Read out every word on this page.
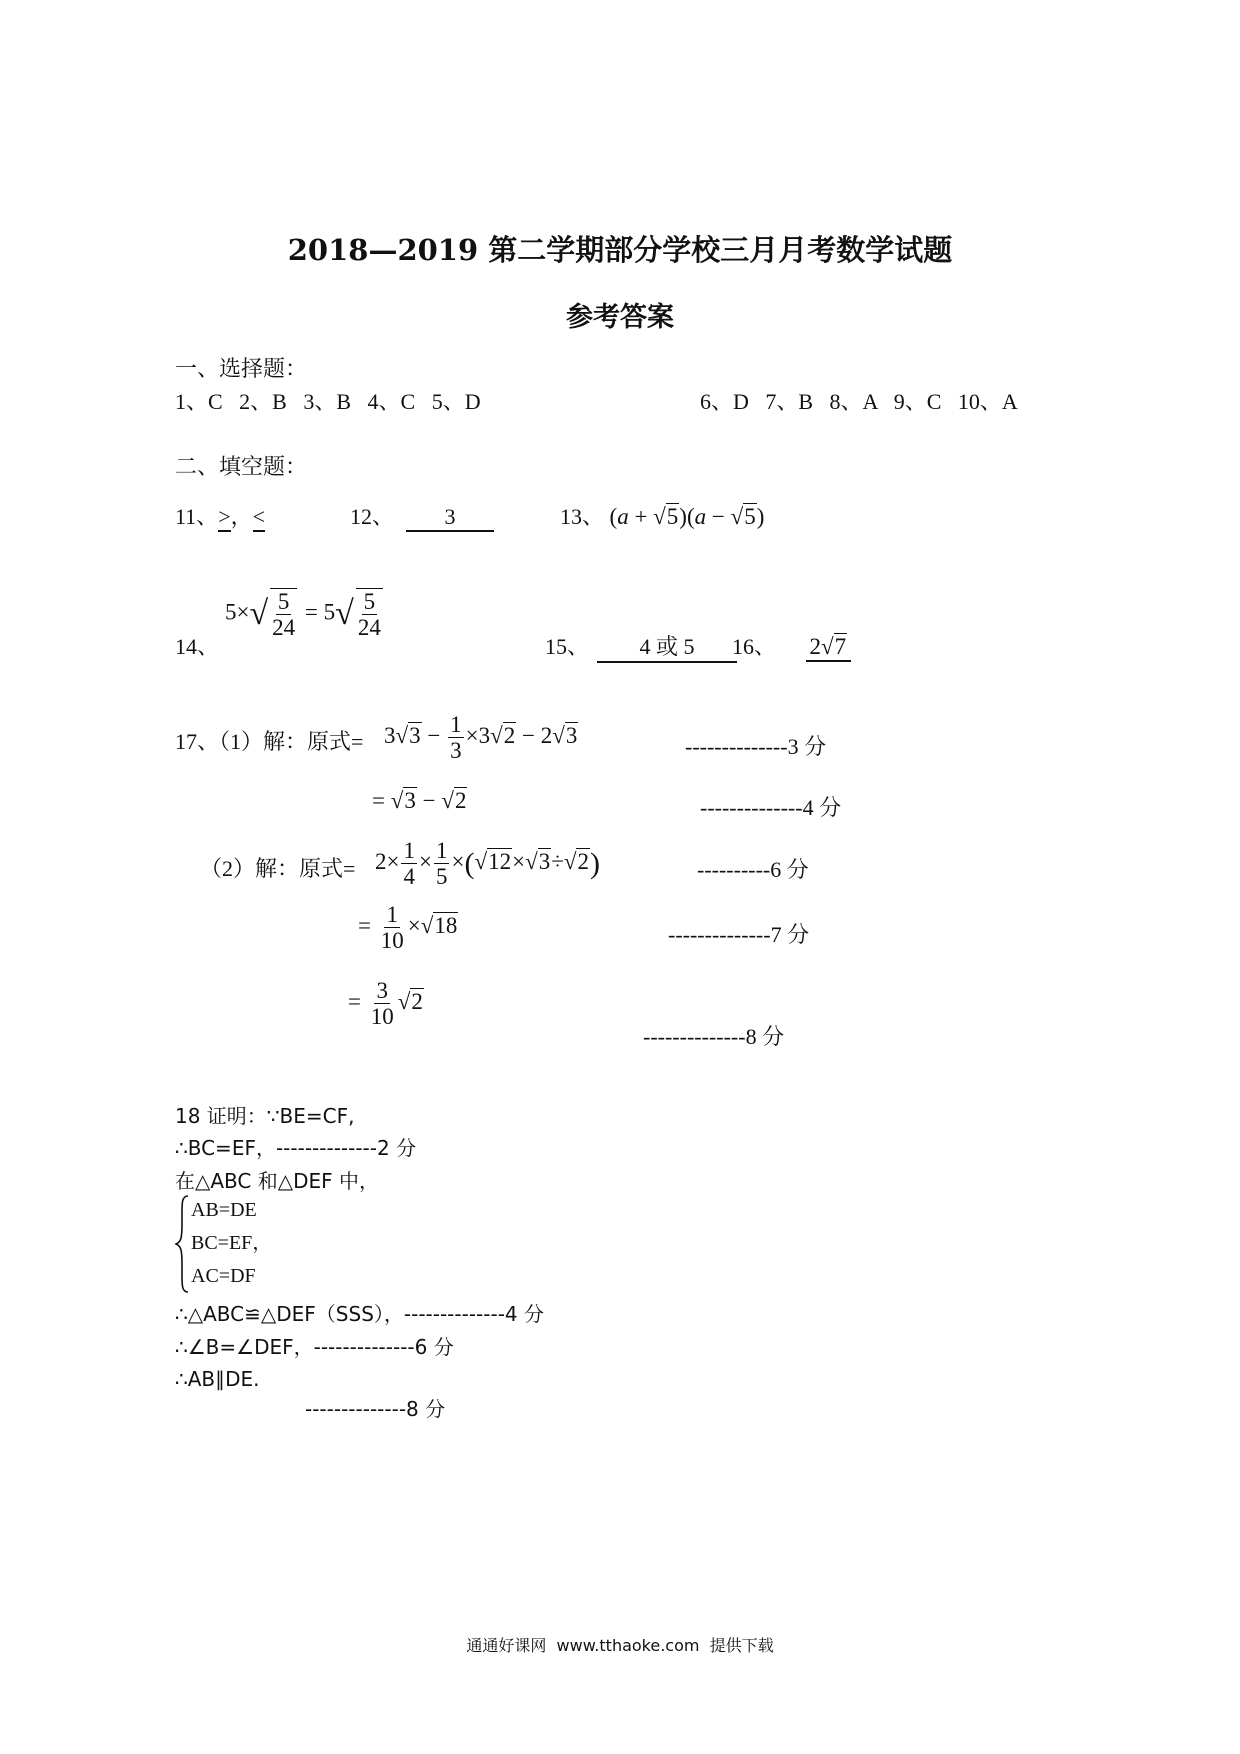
2018—2019 第二学期部分学校三月月考数学试题
参考答案
一、选择题：
1、C   2、B   3、B   4、C   5、D	6、D   7、B   8、A   9、C   10、A
二、填空题：
11、>，<	12、 3	13、 (a + √5)(a − √5)
14、
$5\times√ \frac{5}{24} = 5√ \frac{5}{24}$
15、 4 或 5	16、 2√7
17、（1）解：原式= $3√3 - \frac{1}{3} \times 3√2 - 2√3$	--------------3 分
= √3 − √2	--------------4 分
（2）解：原式= $2\times \frac{1}{4} \times \frac{1}{5} \times(√12\times√3\div√2)$	----------6 分
= $\frac{1}{10} \times√18$	--------------7 分
= $\frac{3}{10} √2$
--------------8 分
18 证明：∵BE=CF,
∴BC=EF，--------------2 分
在△ABC 和△DEF 中，
AB=DE
BC=EF，
AC=DF
∴△ABC≌△DEF（SSS），--------------4 分
∴∠B=∠DEF，--------------6 分
∴AB∥DE.
--------------8 分
通通好课网  www.tthaoke.com  提供下载
